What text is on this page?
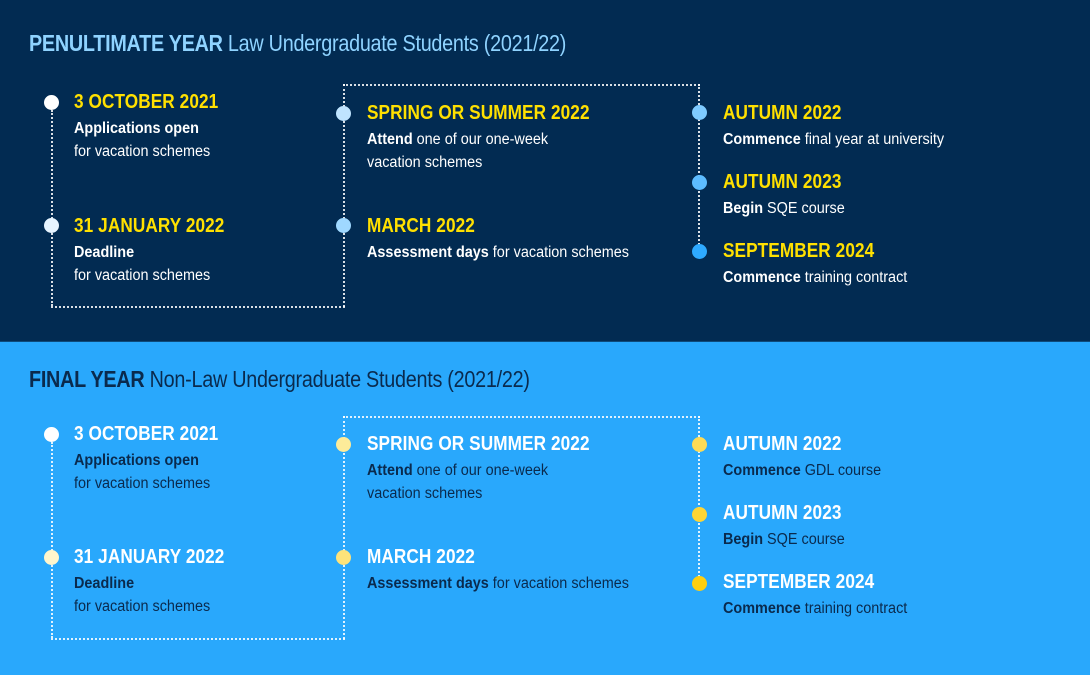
PENULTIMATE YEAR Law Undergraduate Students (2021/22)
3 OCTOBER 2021
Applications open
for vacation schemes
31 JANUARY 2022
Deadline
for vacation schemes
SPRING OR SUMMER 2022
Attend one of our one-week
vacation schemes
MARCH 2022
Assessment days for vacation schemes
AUTUMN 2022
Commence final year at university
AUTUMN 2023
Begin SQE course
SEPTEMBER 2024
Commence training contract
FINAL YEAR Non-Law Undergraduate Students (2021/22)
3 OCTOBER 2021
Applications open
for vacation schemes
31 JANUARY 2022
Deadline
for vacation schemes
SPRING OR SUMMER 2022
Attend one of our one-week
vacation schemes
MARCH 2022
Assessment days for vacation schemes
AUTUMN 2022
Commence GDL course
AUTUMN 2023
Begin SQE course
SEPTEMBER 2024
Commence training contract
